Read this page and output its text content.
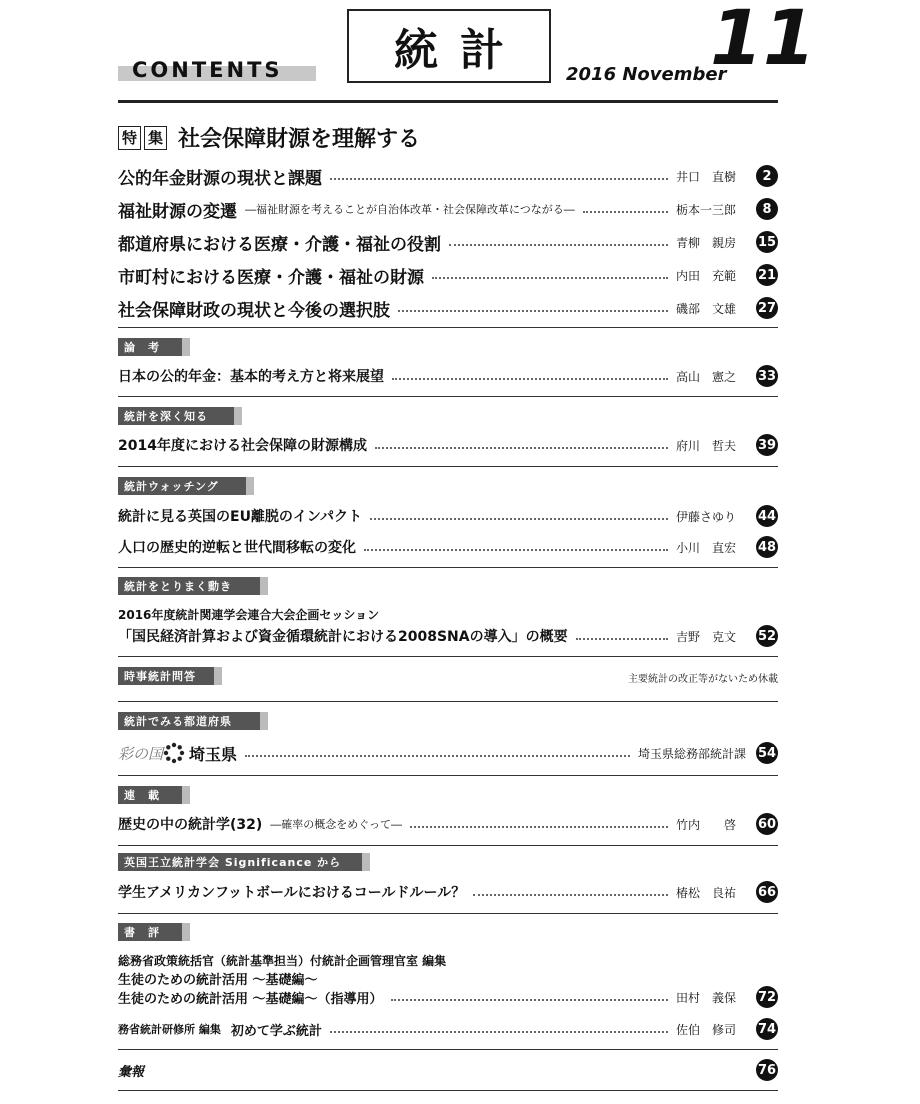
CONTENTS	統計 2016 November
11
特 集 社会保障財源を理解する
公的年金財源の現状と課題	井口　直樹	2
福祉財源の変遷 ―福祉財源を考えることが自治体改革・社会保障改革につながる―	栃本一三郎	8
都道府県における医療・介護・福祉の役割	青柳　親房	15
市町村における医療・介護・福祉の財源	内田　充範	21
社会保障財政の現状と今後の選択肢	磯部　文雄	27
論　考
日本の公的年金：基本的考え方と将来展望	高山　憲之	33
統計を深く知る
2014年度における社会保障の財源構成	府川　哲夫	39
統計ウォッチング
統計に見る英国のEU離脱のインパクト	伊藤さゆり	44
人口の歴史的逆転と世代間移転の変化	小川　直宏	48
統計をとりまく動き
2016年度統計関連学会連合大会企画セッション
「国民経済計算および資金循環統計における2008SNAの導入」の概要	吉野　克文	52
時事統計問答	主要統計の改正等がないため休載
統計でみる都道府県
彩の国 埼玉県	埼玉県総務部統計課 54
連　載
歴史の中の統計学(32) ―確率の概念をめぐって―	竹内　　啓	60
英国王立統計学会 Significance から
学生アメリカンフットボールにおけるコールドルール？	椿松　良祐	66
書　評
総務省政策統括官（統計基準担当）付統計企画管理官室 編集
生徒のための統計活用 ～基礎編～
生徒のための統計活用 ～基礎編～（指導用）	田村　義保	72
務省統計研修所 編集 初めて学ぶ統計	佐伯　修司	74
彙報	76
